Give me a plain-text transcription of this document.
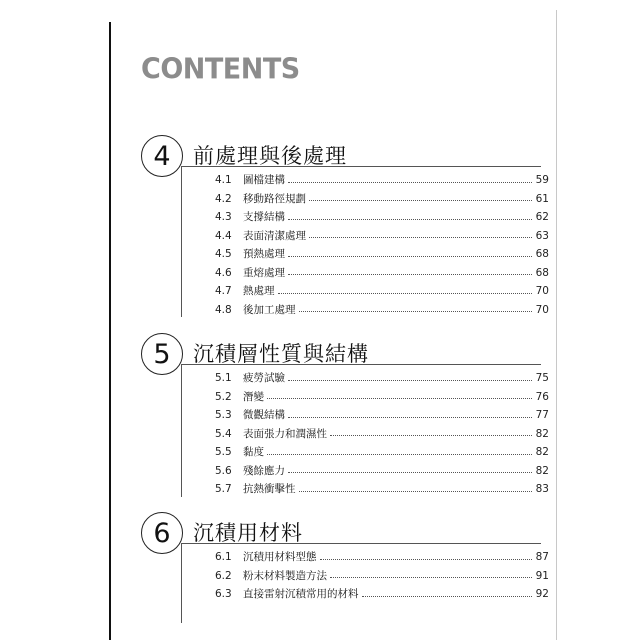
CONTENTS
4	前處理與後處理
4.1	圖檔建構	59
4.2	移動路徑規劃	61
4.3	支撐結構	62
4.4	表面清潔處理	63
4.5	預熱處理	68
4.6	重熔處理	68
4.7	熱處理	70
4.8	後加工處理	70
5	沉積層性質與結構
5.1	疲勞試驗	75
5.2	潛變	76
5.3	微觀結構	77
5.4	表面張力和潤濕性	82
5.5	黏度	82
5.6	殘餘應力	82
5.7	抗熱衝擊性	83
6	沉積用材料
6.1	沉積用材料型態	87
6.2	粉末材料製造方法	91
6.3	直接雷射沉積常用的材料	92
